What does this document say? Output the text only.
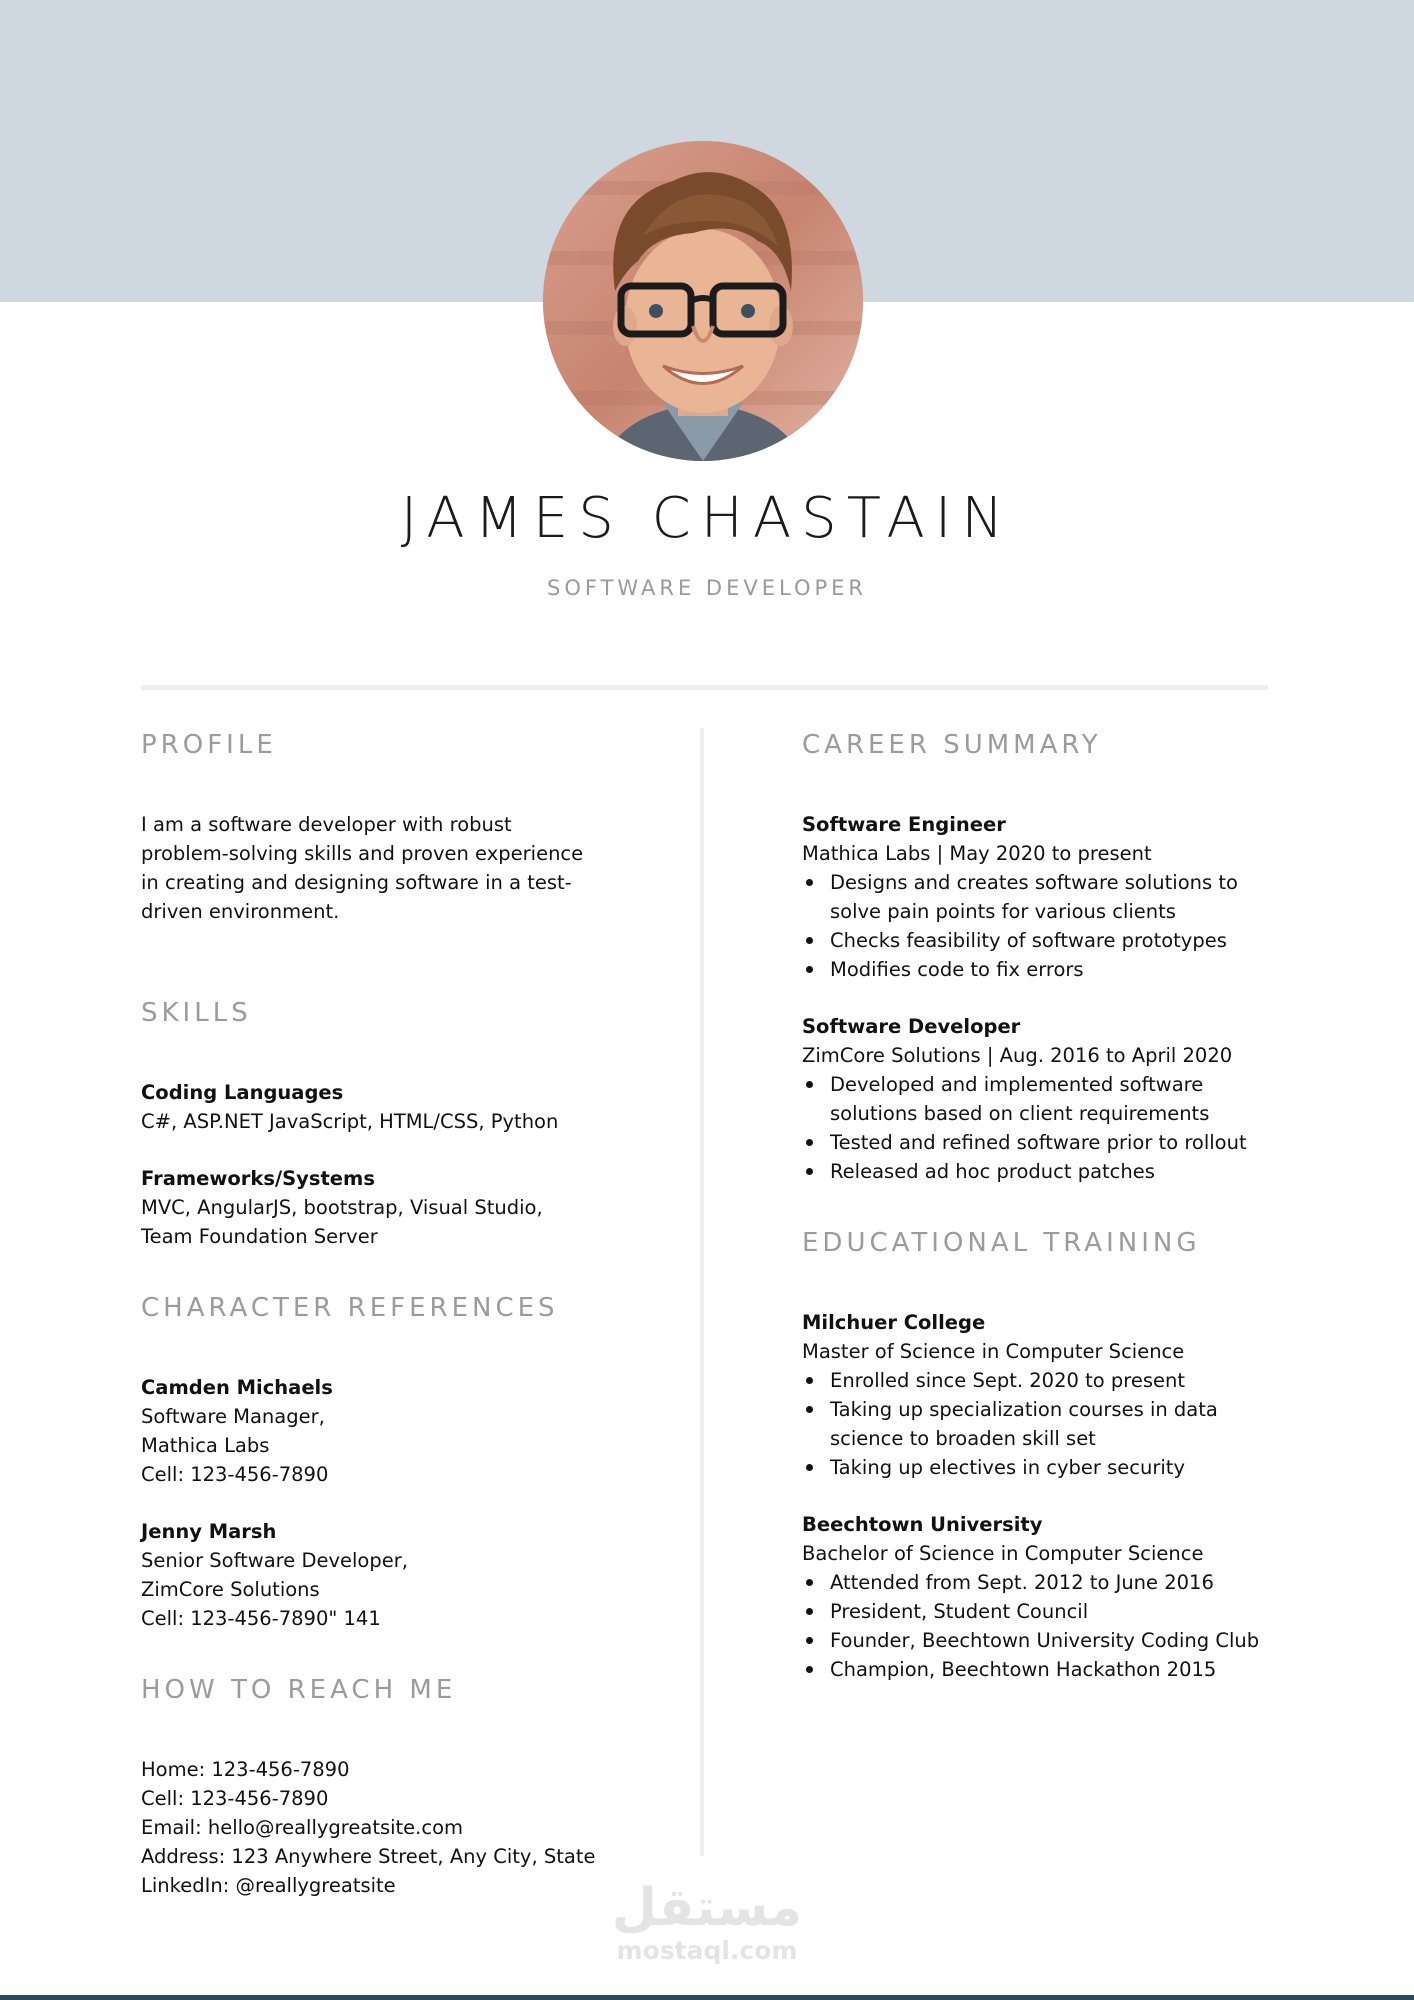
JAMES CHASTAIN
SOFTWARE DEVELOPER
PROFILE

I am a software developer with robust

problem-solving skills and proven experience

in creating and designing software in a test-

driven environment.

SKILLS

Coding Languages

C#, ASP.NET JavaScript, HTML/CSS, Python

Frameworks/Systems

MVC, AngularJS, bootstrap, Visual Studio,

Team Foundation Server

CHARACTER REFERENCES

Camden Michaels

Software Manager,

Mathica Labs

Cell: 123-456-7890

Jenny Marsh

Senior Software Developer,

ZimCore Solutions

Cell: 123-456-7890" 141

HOW TO REACH ME

Home: 123-456-7890

Cell: 123-456-7890

Email: hello@reallygreatsite.com

Address: 123 Anywhere Street, Any City, State

LinkedIn: @reallygreatsite

CAREER SUMMARY

Software Engineer

Mathica Labs | May 2020 to present

Designs and creates software solutions to
solve pain points for various clients
Checks feasibility of software prototypes
Modifies code to fix errors

Software Developer

ZimCore Solutions | Aug. 2016 to April 2020

Developed and implemented software
solutions based on client requirements
Tested and refined software prior to rollout
Released ad hoc product patches
EDUCATIONAL TRAINING

Milchuer College

Master of Science in Computer Science

Enrolled since Sept. 2020 to present
Taking up specialization courses in data
science to broaden skill set
Taking up electives in cyber security

Beechtown University

Bachelor of Science in Computer Science

Attended from Sept. 2012 to June 2016
President, Student Council
Founder, Beechtown University Coding Club
Champion, Beechtown Hackathon 2015
مستقل
mostaql.com
